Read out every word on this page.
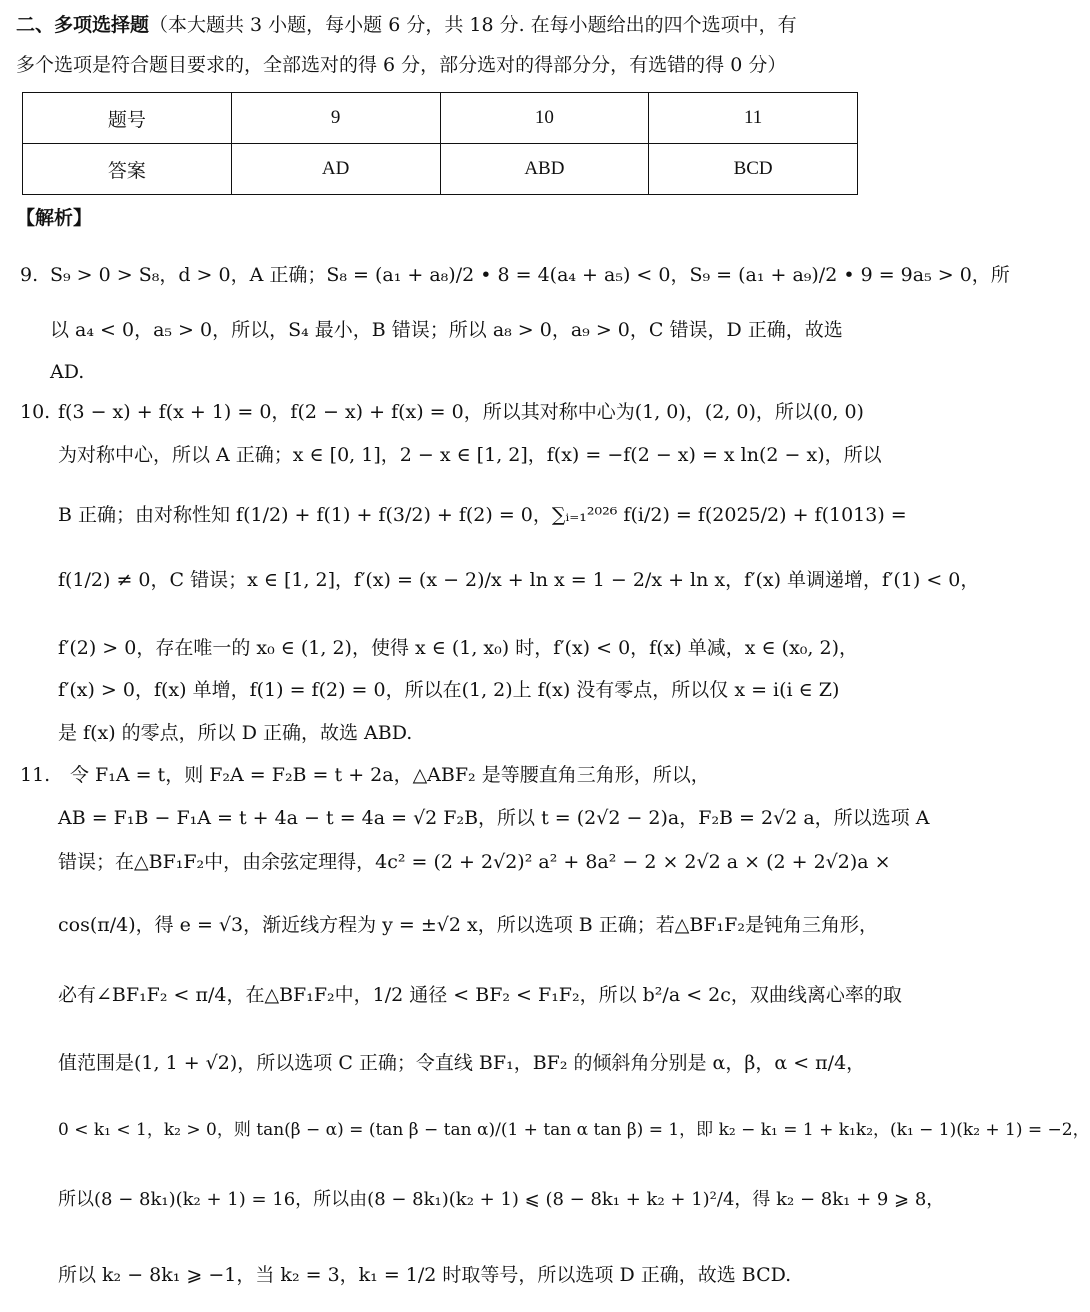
二、多项选择题（本大题共 3 小题，每小题 6 分，共 18 分. 在每小题给出的四个选项中，有
多个选项是符合题目要求的，全部选对的得 6 分，部分选对的得部分分，有选错的得 0 分）
题号	9	10	11
答案	AD	ABD	BCD
【解析】
9. S₉ > 0 > S₈，d > 0，A 正确；S₈ = (a₁ + a₈)/2 • 8 = 4(a₄ + a₅) < 0，S₉ = (a₁ + a₉)/2 • 9 = 9a₅ > 0，所
以 a₄ < 0，a₅ > 0，所以，S₄ 最小，B 错误；所以 a₈ > 0，a₉ > 0，C 错误，D 正确，故选
AD.
10. f(3 − x) + f(x + 1) = 0，f(2 − x) + f(x) = 0，所以其对称中心为(1, 0)，(2, 0)，所以(0, 0)
为对称中心，所以 A 正确；x ∈ [0, 1]，2 − x ∈ [1, 2]，f(x) = −f(2 − x) = x ln(2 − x)，所以
B 正确；由对称性知 f(1/2) + f(1) + f(3/2) + f(2) = 0，∑ᵢ₌₁²⁰²⁶ f(i/2) = f(2025/2) + f(1013) =
f(1/2) ≠ 0，C 错误；x ∈ [1, 2]，f′(x) = (x − 2)/x + ln x = 1 − 2/x + ln x，f′(x) 单调递增，f′(1) < 0，
f′(2) > 0，存在唯一的 x₀ ∈ (1, 2)，使得 x ∈ (1, x₀) 时，f′(x) < 0，f(x) 单减，x ∈ (x₀, 2)，
f′(x) > 0，f(x) 单增，f(1) = f(2) = 0，所以在(1, 2)上 f(x) 没有零点，所以仅 x = i(i ∈ Z)
是 f(x) 的零点，所以 D 正确，故选 ABD.
11. 令 F₁A = t，则 F₂A = F₂B = t + 2a，△ABF₂ 是等腰直角三角形，所以，
AB = F₁B − F₁A = t + 4a − t = 4a = √2 F₂B，所以 t = (2√2 − 2)a，F₂B = 2√2 a，所以选项 A
错误；在△BF₁F₂中，由余弦定理得，4c² = (2 + 2√2)² a² + 8a² − 2 × 2√2 a × (2 + 2√2)a ×
cos(π/4)，得 e = √3，渐近线方程为 y = ±√2 x，所以选项 B 正确；若△BF₁F₂是钝角三角形，
必有∠BF₁F₂ < π/4，在△BF₁F₂中，1/2 通径 < BF₂ < F₁F₂，所以 b²/a < 2c，双曲线离心率的取
值范围是(1, 1 + √2)，所以选项 C 正确；令直线 BF₁，BF₂ 的倾斜角分别是 α，β，α < π/4，
0 < k₁ < 1，k₂ > 0，则 tan(β − α) = (tan β − tan α)/(1 + tan α tan β) = 1，即 k₂ − k₁ = 1 + k₁k₂，(k₁ − 1)(k₂ + 1) = −2，
所以(8 − 8k₁)(k₂ + 1) = 16，所以由(8 − 8k₁)(k₂ + 1) ⩽ (8 − 8k₁ + k₂ + 1)²/4，得 k₂ − 8k₁ + 9 ⩾ 8，
所以 k₂ − 8k₁ ⩾ −1，当 k₂ = 3，k₁ = 1/2 时取等号，所以选项 D 正确，故选 BCD.
